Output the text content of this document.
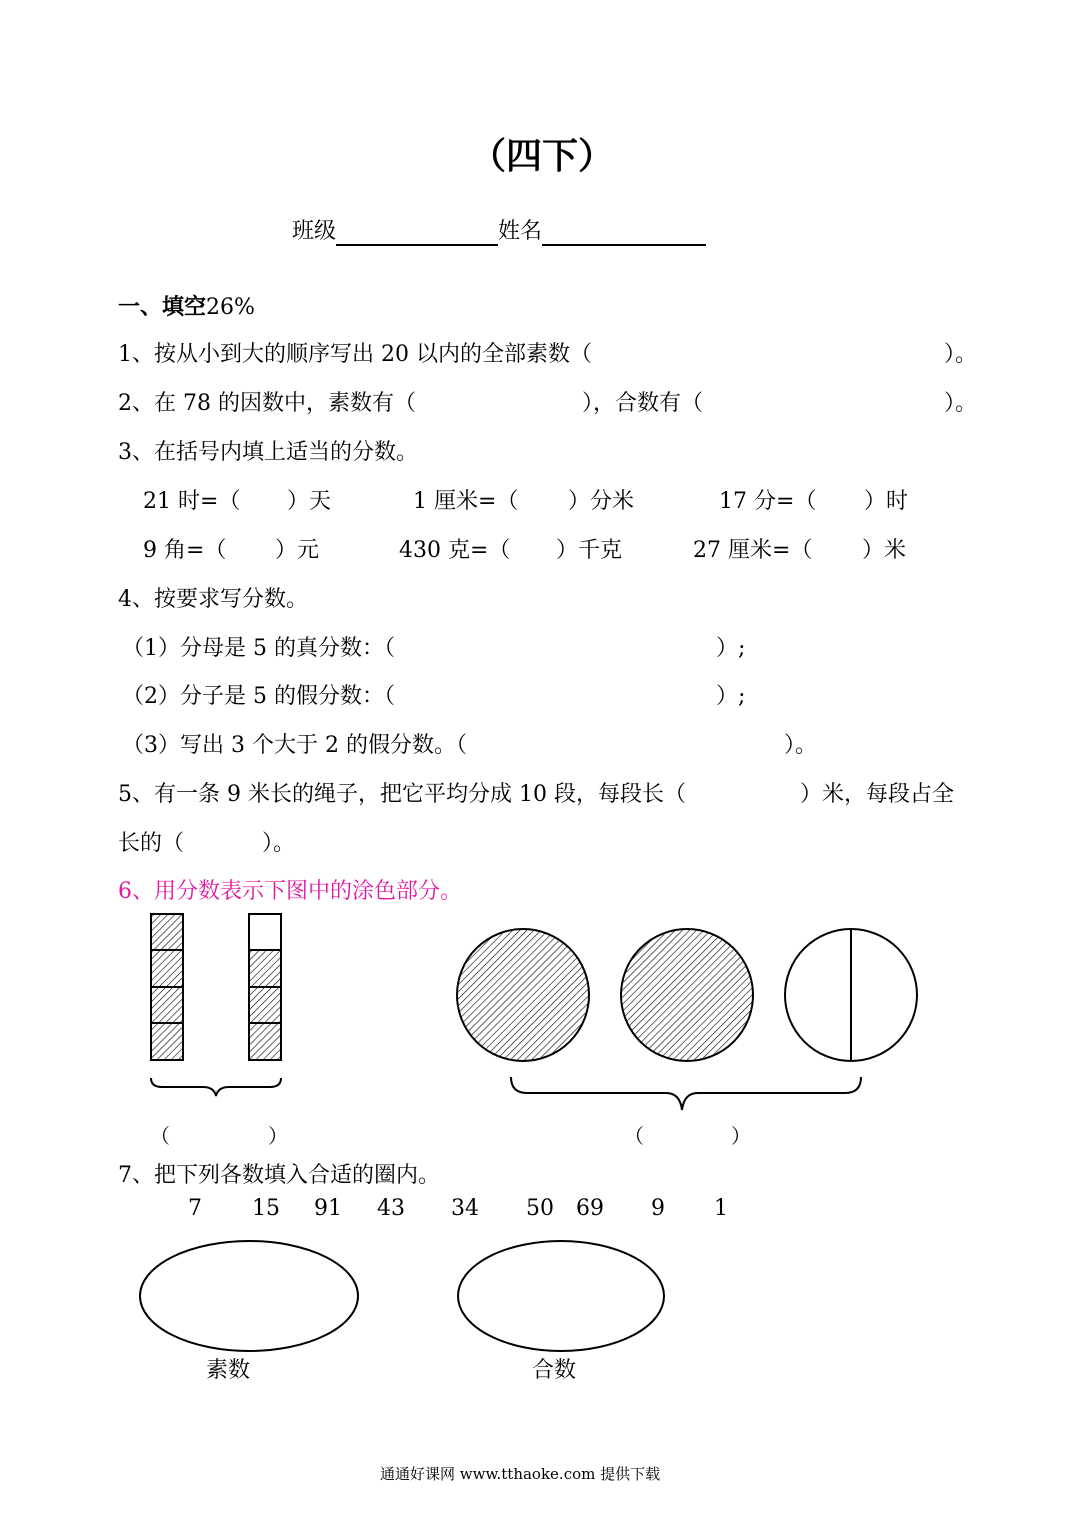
（四下）
班级	姓名
一、填空26%
1、按从小到大的顺序写出 20 以内的全部素数（	）。
2、在 78 的因数中，素数有（	），合数有（	）。
3、在括号内填上适当的分数。
21 时=（ ）天	1 厘米=（ ）分米	17 分=（ ）时
9 角=（ ）元	430 克=（ ）千克	27 厘米=（ ）米
4、按要求写分数。
（1）分母是 5 的真分数：（	）;
（2）分子是 5 的假分数：（	）;
（3）写出 3 个大于 2 的假分数。（	）。
5、有一条 9 米长的绳子，把它平均分成 10 段，每段长（	）米，每段占全
长的（	）。
6、用分数表示下图中的涂色部分。
（	）	（	）
7、把下列各数填入合适的圈内。
7 15 91 43 34 50 69 9 1
素数	合数
通通好课网 www.tthaoke.com 提供下载
